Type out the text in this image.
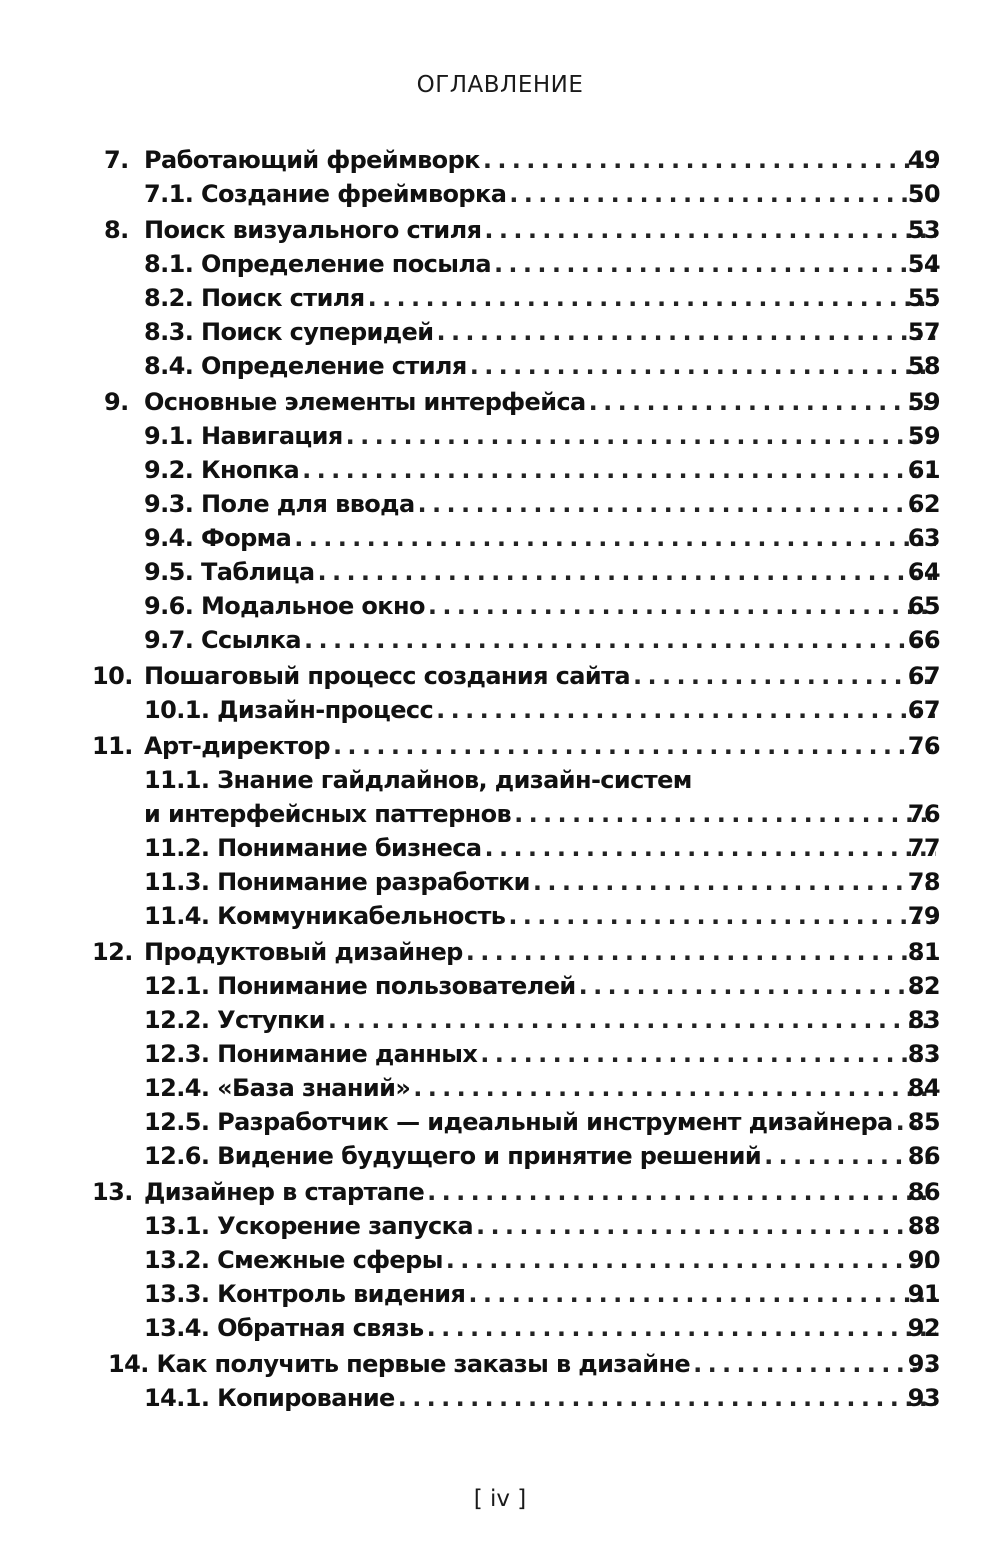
ОГЛАВЛЕНИЕ
7. Работающий фреймворк . . .	49
7.1. Создание фреймворка . . .	50
8. Поиск визуального стиля . . .	53
8.1. Определение посыла . . .	54
8.2. Поиск стиля . . .	55
8.3. Поиск суперидей . . .	57
8.4. Определение стиля . . .	58
9. Основные элементы интерфейса . . .	59
9.1. Навигация . . .	59
9.2. Кнопка . . .	61
9.3. Поле для ввода . . .	62
9.4. Форма . . .	63
9.5. Таблица . . .	64
9.6. Модальное окно . . .	65
9.7. Ссылка . . .	66
10. Пошаговый процесс создания сайта . . .	67
10.1. Дизайн-процесс . . .	67
11. Арт-директор . . .	76
11.1. Знание гайдлайнов, дизайн-систем
и интерфейсных паттернов . . .	76
11.2. Понимание бизнеса . . .	77
11.3. Понимание разработки . . .	78
11.4. Коммуникабельность . . .	79
12. Продуктовый дизайнер . . .	81
12.1. Понимание пользователей . . .	82
12.2. Уступки . . .	83
12.3. Понимание данных . . .	83
12.4. «База знаний» . . .	84
12.5. Разработчик — идеальный инструмент дизайнера . . . 85
12.6. Видение будущего и принятие решений . . .	86
13. Дизайнер в стартапе . . .	86
13.1. Ускорение запуска . . .	88
13.2. Смежные сферы . . .	90
13.3. Контроль видения . . .	91
13.4. Обратная связь . . .	92
14. Как получить первые заказы в дизайне . . .	93
14.1. Копирование . . .	93
[ iv ]
